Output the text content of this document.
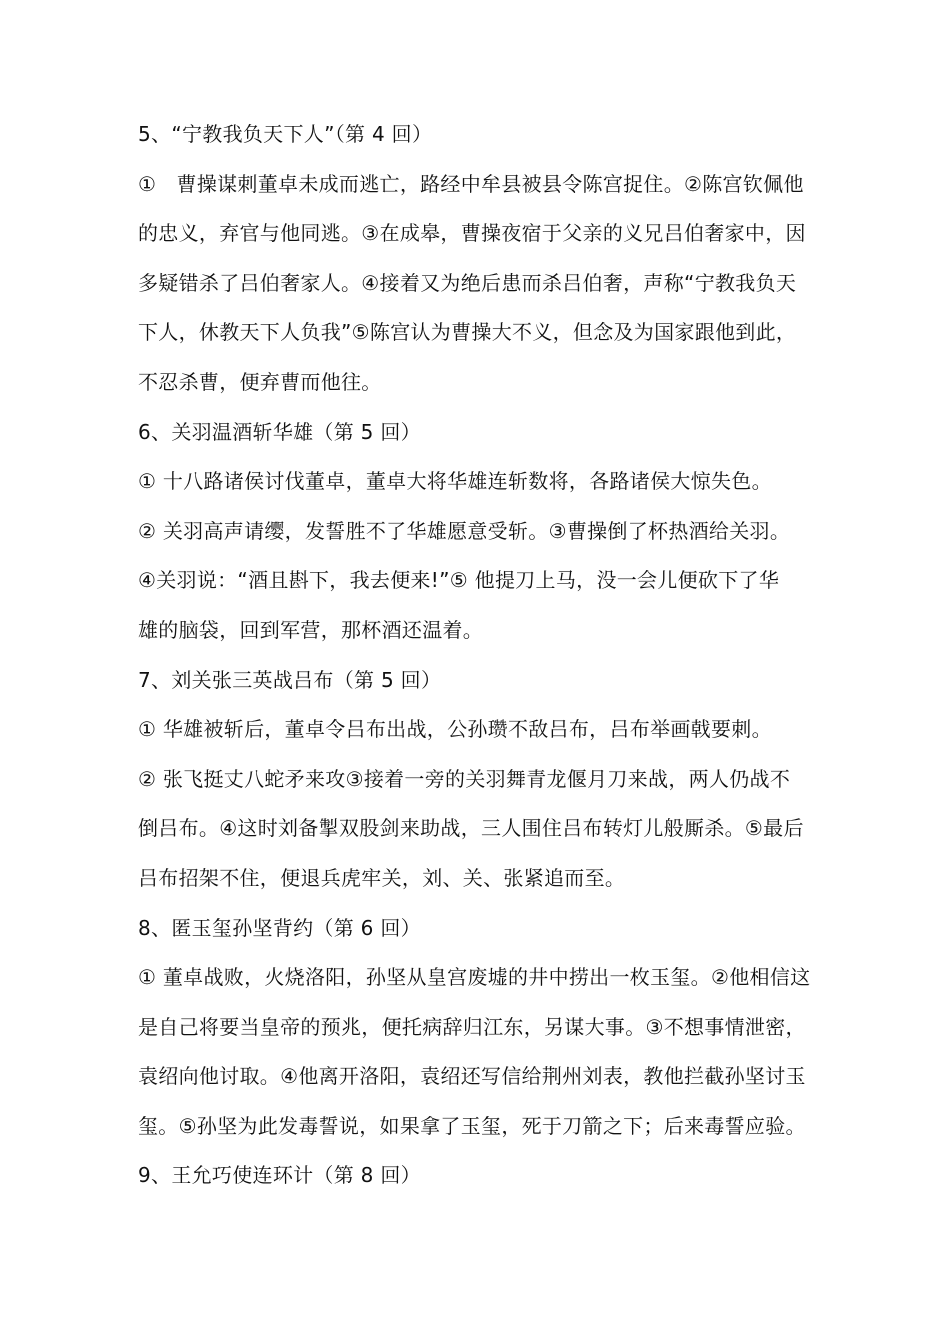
5、“宁教我负天下人”（第 4 回）
①　曹操谋刺董卓未成而逃亡，路经中牟县被县令陈宫捉住。②陈宫钦佩他
的忠义，弃官与他同逃。③在成皋，曹操夜宿于父亲的义兄吕伯奢家中，因
多疑错杀了吕伯奢家人。④接着又为绝后患而杀吕伯奢，声称“宁教我负天
下人，休教天下人负我”⑤陈宫认为曹操大不义，但念及为国家跟他到此，
不忍杀曹，便弃曹而他往。
6、关羽温酒斩华雄（第 5 回）
① 十八路诸侯讨伐董卓，董卓大将华雄连斩数将，各路诸侯大惊失色。
② 关羽高声请缨，发誓胜不了华雄愿意受斩。③曹操倒了杯热酒给关羽。
④关羽说：“酒且斟下，我去便来!”⑤ 他提刀上马，没一会儿便砍下了华
雄的脑袋，回到军营，那杯酒还温着。
7、刘关张三英战吕布（第 5 回）
① 华雄被斩后，董卓令吕布出战，公孙瓒不敌吕布，吕布举画戟要刺。
② 张飞挺丈八蛇矛来攻③接着一旁的关羽舞青龙偃月刀来战，两人仍战不
倒吕布。④这时刘备掣双股剑来助战，三人围住吕布转灯儿般厮杀。⑤最后
吕布招架不住，便退兵虎牢关，刘、关、张紧追而至。
8、匿玉玺孙坚背约（第 6 回）
① 董卓战败，火烧洛阳，孙坚从皇宫废墟的井中捞出一枚玉玺。②他相信这
是自己将要当皇帝的预兆，便托病辞归江东，另谋大事。③不想事情泄密，
袁绍向他讨取。④他离开洛阳，袁绍还写信给荆州刘表，教他拦截孙坚讨玉
玺。⑤孙坚为此发毒誓说，如果拿了玉玺，死于刀箭之下；后来毒誓应验。
9、王允巧使连环计（第 8 回）
